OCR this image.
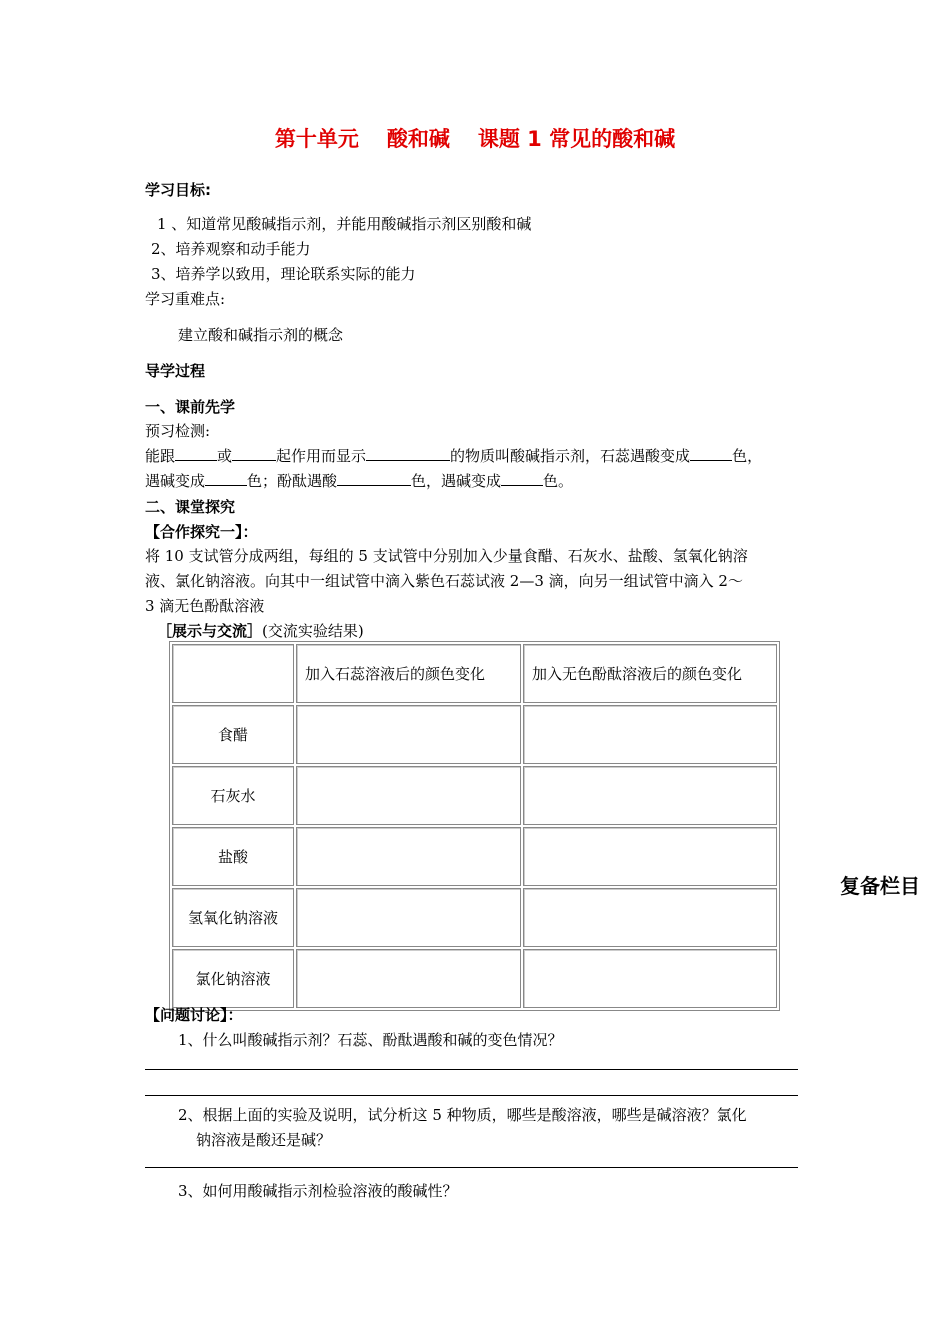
第十单元 酸和碱 课题 1 常见的酸和碱
学习目标:
1 、知道常见酸碱指示剂，并能用酸碱指示剂区别酸和碱
2、培养观察和动手能力
3、培养学以致用，理论联系实际的能力
学习重难点:
建立酸和碱指示剂的概念
导学过程
一、课前先学
预习检测:
能跟	或	起作用而显示	的物质叫酸碱指示剂，石蕊遇酸变成	色，
遇碱变成	色；酚酞遇酸	色，遇碱变成	色。
二、课堂探究
【合作探究一】：
将 10 支试管分成两组，每组的 5 支试管中分别加入少量食醋、石灰水、盐酸、氢氧化钠溶
液、氯化钠溶液。向其中一组试管中滴入紫色石蕊试液 2—3 滴，向另一组试管中滴入 2～
3 滴无色酚酞溶液
［展示与交流］(交流实验结果)
	加入石蕊溶液后的颜色变化	加入无色酚酞溶液后的颜色变化
食醋		
石灰水		
盐酸		
氢氧化钠溶液		
氯化钠溶液		
复备栏目
【问题讨论】：
1、什么叫酸碱指示剂？石蕊、酚酞遇酸和碱的变色情况？
2、根据上面的实验及说明，试分析这 5 种物质，哪些是酸溶液，哪些是碱溶液？氯化
钠溶液是酸还是碱？
3、如何用酸碱指示剂检验溶液的酸碱性？
